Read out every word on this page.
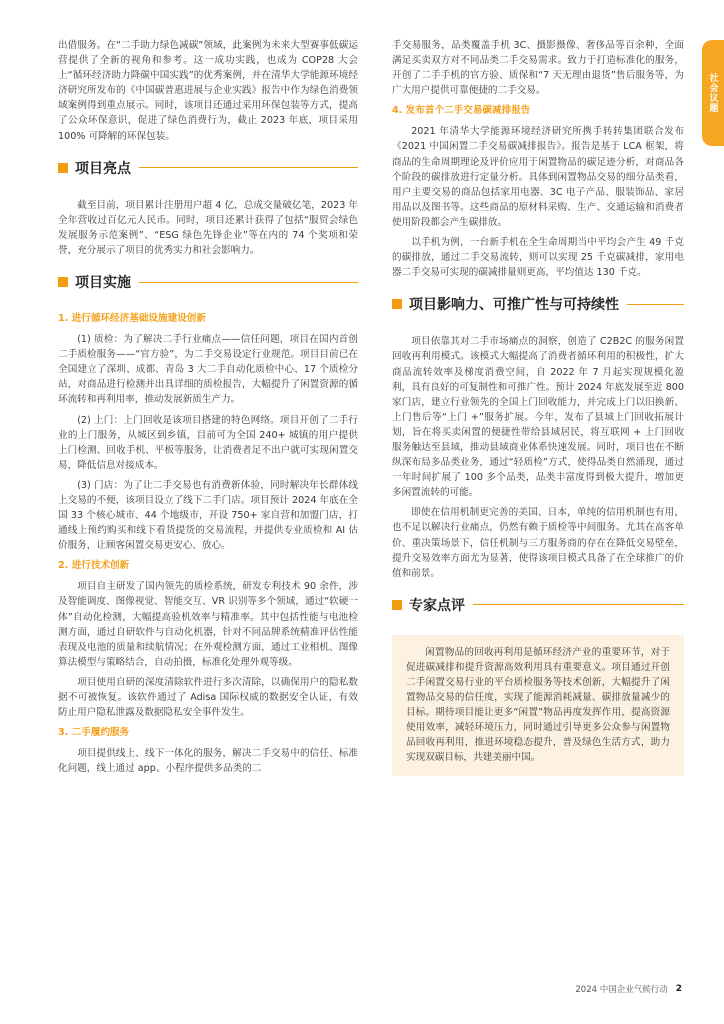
社会议题

出借服务。在“二手助力绿色减碳”领域，此案例为未来大型赛事低碳运营提供了全新的视角和参考。这一成功实践，也成为 COP28 大会上“循环经济助力降碳中国实践”的优秀案例，并在清华大学能源环境经济研究所发布的《中国碳普惠进展与企业实践》报告中作为绿色消费领域案例得到重点展示。同时，该项目还通过采用环保包装等方式，提高了公众环保意识，促进了绿色消费行为，截止 2023 年底，项目采用 100% 可降解的环保包装。

项目亮点

截至目前，项目累计注册用户超 4 亿，总成交量破亿笔，2023 年全年营收过百亿元人民币。同时，项目还累计获得了包括“服贸会绿色发展服务示范案例”、“ESG 绿色先锋企业”等在内的 74 个奖项和荣誉，充分展示了项目的优秀实力和社会影响力。

项目实施
1. 进行循环经济基础设施建设创新

(1) 质检：为了解决二手行业痛点——信任问题，项目在国内首创二手质检服务——“官方验”，为二手交易设定行业规范。项目目前已在全国建立了深圳、成都、青岛 3 大二手自动化质检中心、17 个质检分站，对商品进行检测并出具详细的质检报告，大幅提升了闲置资源的循环流转和再利用率，推动发展新质生产力。

(2) 上门：上门回收是该项目搭建的特色网络。项目开创了二手行业的上门服务，从城区到乡镇，目前可为全国 240+ 城镇的用户提供上门检测、回收手机、平板等服务，让消费者足不出户就可实现闲置交易，降低信息对接成本。

(3) 门店：为了让二手交易也有消费新体验，同时解决年长群体线上交易的不便，该项目设立了线下二手门店。项目预计 2024 年底在全国 33 个核心城市、44 个地级市，开设 750+ 家自营和加盟门店，打通线上预约购买和线下看货提货的交易流程，并提供专业质检和 AI 估价服务，让顾客闲置交易更安心、放心。

2. 进行技术创新

项目自主研发了国内领先的质检系统，研发专利技术 90 余件，涉及智能调度、图像视觉、智能交互、VR 识别等多个领域，通过“软硬一体”自动化检测，大幅提高验机效率与精准率。其中包括性能与电池检测方面，通过自研软件与自动化机器，针对不同品牌系统精准评估性能表现及电池的质量和续航情况；在外观检测方面，通过工业相机、图像算法模型与策略结合，自动拍摄，标准化处理外观等级。

项目使用自研的深度清除软件进行多次清除，以确保用户的隐私数据不可被恢复。该软件通过了 Adisa 国际权威的数据安全认证，有效防止用户隐私泄露及数据隐私安全事件发生。

3. 二手履约服务

项目提供线上、线下一体化的服务，解决二手交易中的信任、标准化问题，线上通过 app、小程序提供多品类的二

手交易服务，品类覆盖手机 3C、摄影摄像、奢侈品等百余种，全面满足买卖双方对不同品类二手交易需求。致力于打造标准化的服务，开创了二手手机的官方验、质保和“7 天无理由退货”售后服务等，为广大用户提供可靠便捷的二手交易。

4. 发布首个二手交易碳减排报告

2021 年清华大学能源环境经济研究所携手转转集团联合发布《2021 中国闲置二手交易碳减排报告》。报告是基于 LCA 框架，将商品的生命周期理论及评价应用于闲置物品的碳足迹分析，对商品各个阶段的碳排放进行定量分析。具体到闲置物品交易的细分品类看，用户主要交易的商品包括家用电器、3C 电子产品、服装饰品、家居用品以及图书等。这些商品的原材料采购、生产、交通运输和消费者使用阶段都会产生碳排放。

以手机为例，一台新手机在全生命周期当中平均会产生 49 千克的碳排放，通过二手交易流转，则可以实现 25 千克碳减排，家用电器二手交易可实现的碳减排量则更高，平均值达 130 千克。

项目影响力、可推广性与可持续性

项目依靠其对二手市场痛点的洞察，创造了 C2B2C 的服务闲置回收再利用模式。该模式大幅提高了消费者循环利用的积极性，扩大商品流转效率及梯度消费空间，自 2022 年 7 月起实现规模化盈利，具有良好的可复制性和可推广性。预计 2024 年底发展至近 800 家门店，建立行业领先的全国上门回收能力，并完成上门以旧换新、上门售后等“上门 +”服务扩展。今年，发布了县域上门回收拓展计划，旨在将买卖闲置的便捷性带给县域居民，将互联网 + 上门回收服务触达至县域，推动县域商业体系快速发展。同时，项目也在不断纵深布局多品类业务，通过“轻质检”方式，使得品类自然涌现，通过一年时间扩展了 100 多个品类，品类丰富度得到极大提升，增加更多闲置流转的可能。

即使在信用机制更完善的美国、日本，单纯的信用机制也有用，也不足以解决行业痛点，仍然有赖于质检等中间服务。尤其在高客单价、重决策场景下，信任机制与三方服务商的存在在降低交易壁垒，提升交易效率方面尤为显著，使得该项目模式具备了在全球推广的价值和前景。

专家点评

闲置物品的回收再利用是循环经济产业的重要环节，对于促进碳减排和提升资源高效利用具有重要意义。项目通过开创二手闲置交易行业的平台质检服务等技术创新，大幅提升了闲置物品交易的信任度，实现了能源消耗减量、碳排放量减少的目标。期待项目能让更多“闲置”物品再度发挥作用，提高资源使用效率，减轻环境压力，同时通过引导更多公众参与闲置物品回收再利用，推进环境稳态提升，普及绿色生活方式，助力实现双碳目标，共建美丽中国。

2024 中国企业气候行动 2
